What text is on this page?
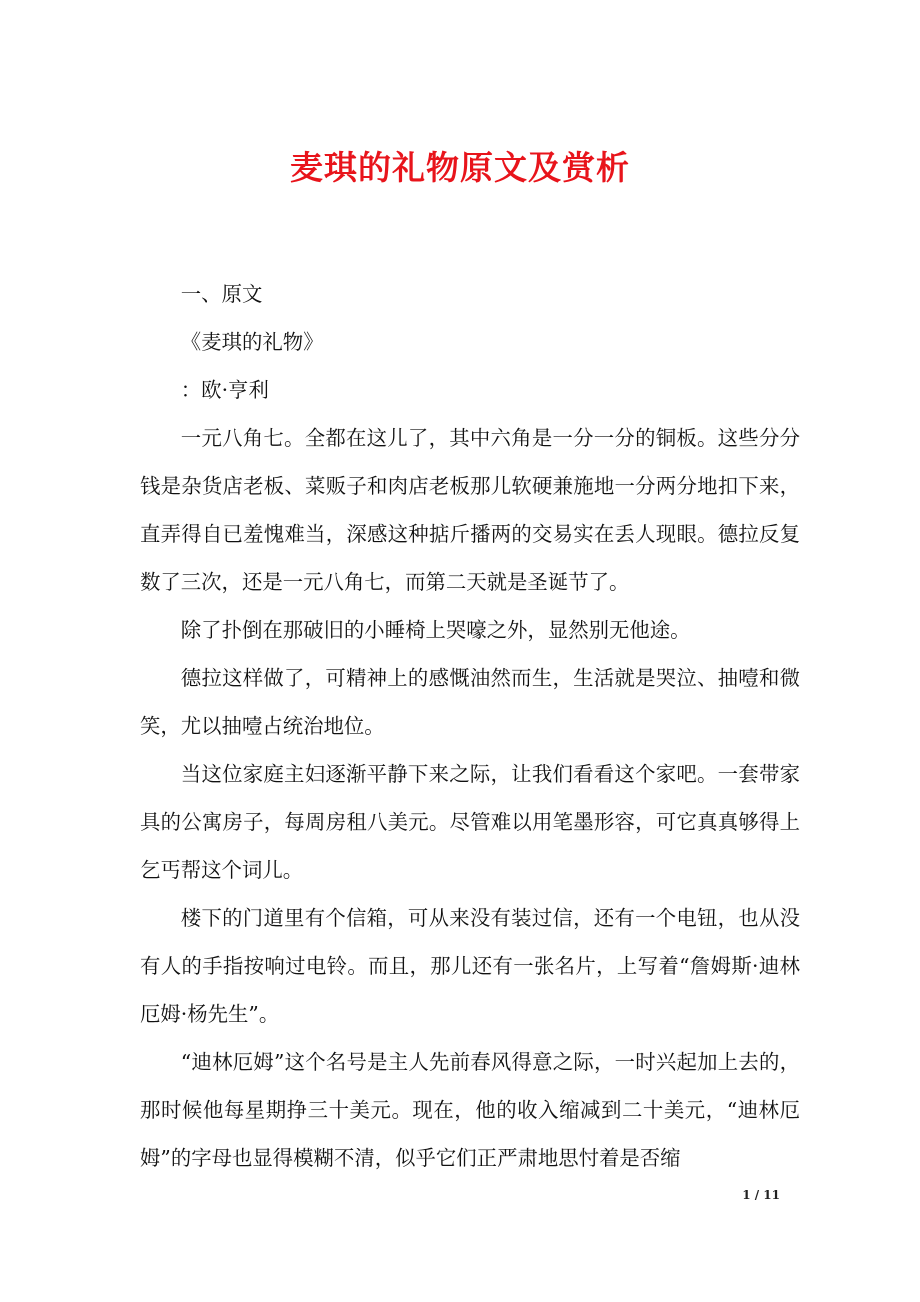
麦琪的礼物原文及赏析

一、原文

《麦琪的礼物》

：欧·亨利

一元八角七。全都在这儿了，其中六角是一分一分的铜板。这些分分钱是杂货店老板、菜贩子和肉店老板那儿软硬兼施地一分两分地扣下来，直弄得自已羞愧难当，深感这种掂斤播两的交易实在丢人现眼。德拉反复数了三次，还是一元八角七，而第二天就是圣诞节了。

除了扑倒在那破旧的小睡椅上哭嚎之外，显然别无他途。

德拉这样做了，可精神上的感慨油然而生，生活就是哭泣、抽噎和微笑，尤以抽噎占统治地位。

当这位家庭主妇逐渐平静下来之际，让我们看看这个家吧。一套带家具的公寓房子，每周房租八美元。尽管难以用笔墨形容，可它真真够得上乞丐帮这个词儿。

楼下的门道里有个信箱，可从来没有装过信，还有一个电钮，也从没有人的手指按响过电铃。而且，那儿还有一张名片，上写着“詹姆斯·迪林厄姆·杨先生”。

“迪林厄姆”这个名号是主人先前春风得意之际，一时兴起加上去的，那时候他每星期挣三十美元。现在，他的收入缩减到二十美元，“迪林厄姆”的字母也显得模糊不清，似乎它们正严肃地思忖着是否缩

1 / 11
